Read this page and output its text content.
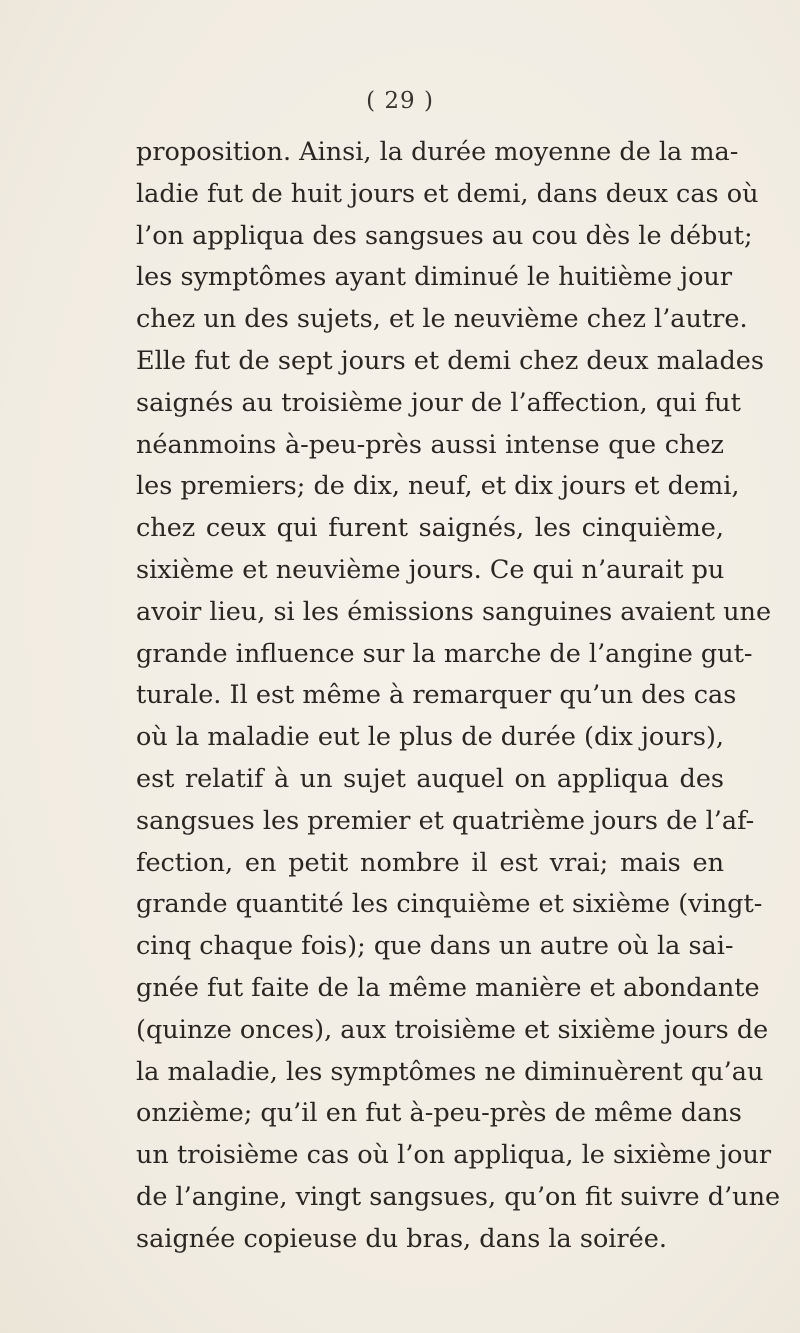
( 29 )
proposition. Ainsi, la durée moyenne de la ma-
ladie fut de huit jours et demi, dans deux cas où
l’on appliqua des sangsues au cou dès le début;
les symptômes ayant diminué le huitième jour
chez un des sujets, et le neuvième chez l’autre.
Elle fut de sept jours et demi chez deux malades
saignés au troisième jour de l’affection, qui fut
néanmoins à-peu-près aussi intense que chez
les premiers; de dix, neuf, et dix jours et demi,
chez ceux qui furent saignés, les cinquième,
sixième et neuvième jours. Ce qui n’aurait pu
avoir lieu, si les émissions sanguines avaient une
grande influence sur la marche de l’angine gut-
turale. Il est même à remarquer qu’un des cas
où la maladie eut le plus de durée (dix jours),
est relatif à un sujet auquel on appliqua des
sangsues les premier et quatrième jours de l’af-
fection, en petit nombre il est vrai; mais en
grande quantité les cinquième et sixième (vingt-
cinq chaque fois); que dans un autre où la sai-
gnée fut faite de la même manière et abondante
(quinze onces), aux troisième et sixième jours de
la maladie, les symptômes ne diminuèrent qu’au
onzième; qu’il en fut à-peu-près de même dans
un troisième cas où l’on appliqua, le sixième jour
de l’angine, vingt sangsues, qu’on fit suivre d’une
saignée copieuse du bras, dans la soirée.
